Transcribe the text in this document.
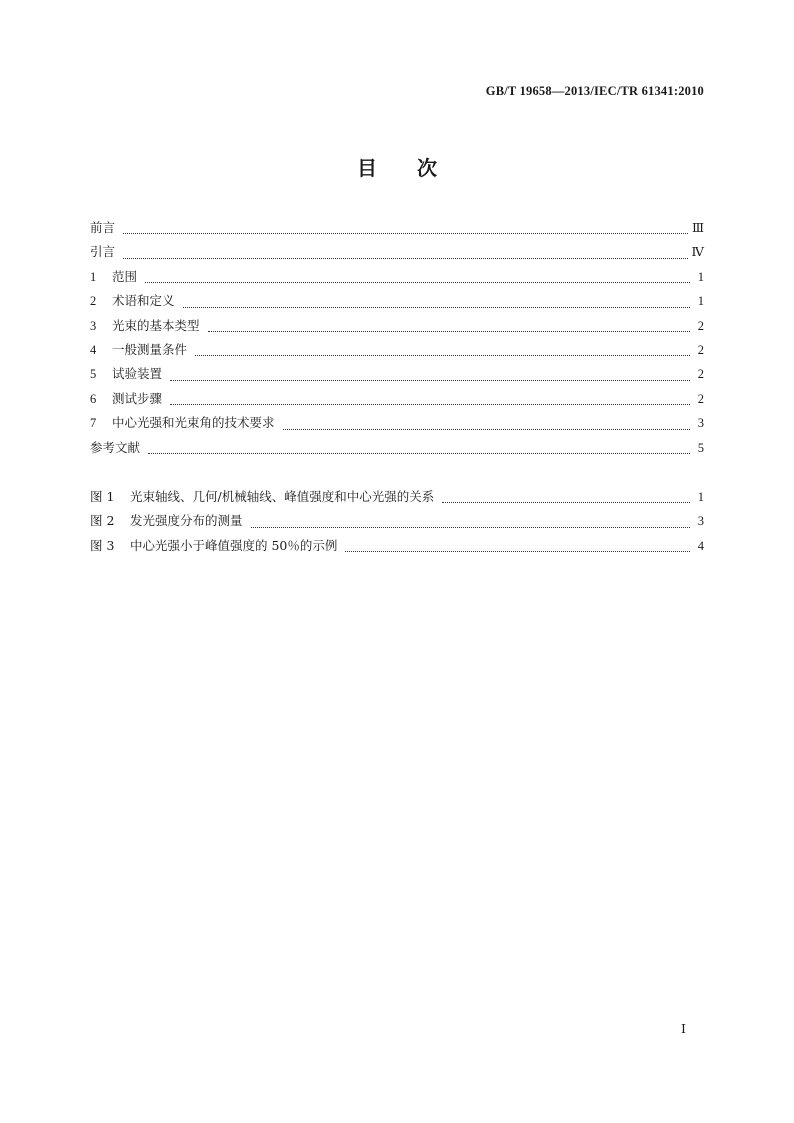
GB/T 19658—2013/IEC/TR 61341:2010
目次
前言	Ⅲ
引言	Ⅳ
1	范围	1
2	术语和定义	1
3	光束的基本类型	2
4	一般测量条件	2
5	试验装置	2
6	测试步骤	2
7	中心光强和光束角的技术要求	3
参考文献	5
图 1	光束轴线、几何/机械轴线、峰值强度和中心光强的关系	1
图 2	发光强度分布的测量	3
图 3	中心光强小于峰值强度的 50％的示例	4
Ⅰ
